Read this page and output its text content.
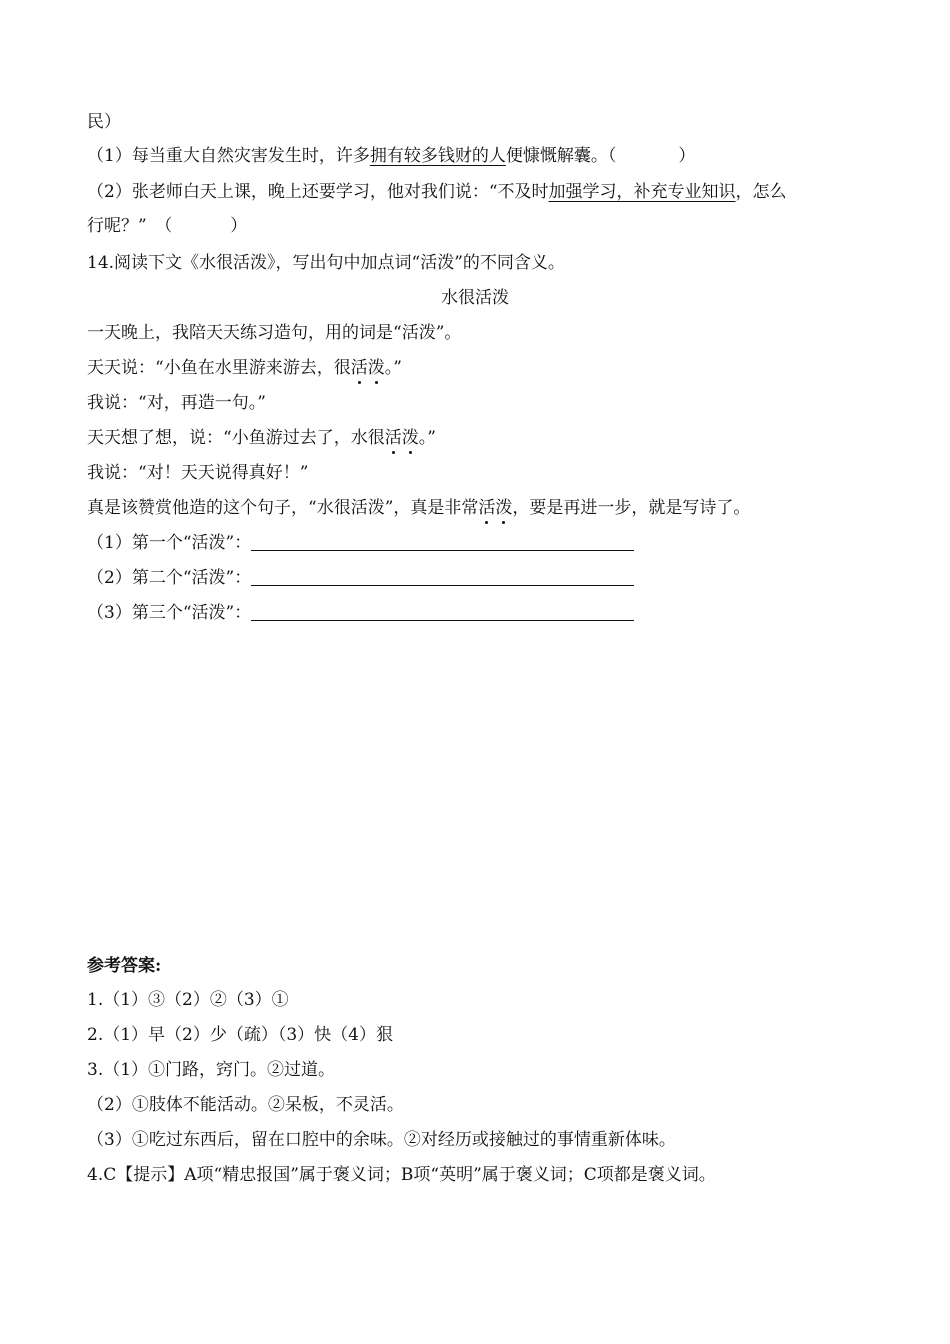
民）
（1）每当重大自然灾害发生时，许多拥有较多钱财的人便慷慨解囊。（	）
（2）张老师白天上课，晚上还要学习，他对我们说：“不及时加强学习，补充专业知识，怎么
行呢？”　（	）
14.阅读下文《水很活泼》，写出句中加点词“活泼”的不同含义。
水很活泼
一天晚上，我陪天天练习造句，用的词是“活泼”。
天天说：“小鱼在水里游来游去，很活泼。”
我说：“对，再造一句。”
天天想了想，说：“小鱼游过去了，水很活泼。”
我说：“对！天天说得真好！”
真是该赞赏他造的这个句子，“水很活泼”，真是非常活泼，要是再进一步，就是写诗了。
（1）第一个“活泼”：
（2）第二个“活泼”：
（3）第三个“活泼”：
参考答案:
1.（1）③（2）②（3）①
2.（1）早（2）少（疏）（3）快（4）狠
3.（1）①门路，窍门。②过道。
（2）①肢体不能活动。②呆板，不灵活。
（3）①吃过东西后，留在口腔中的余味。②对经历或接触过的事情重新体味。
4.C【提示】A项“精忠报国”属于褒义词；B项“英明”属于褒义词；C项都是褒义词。
